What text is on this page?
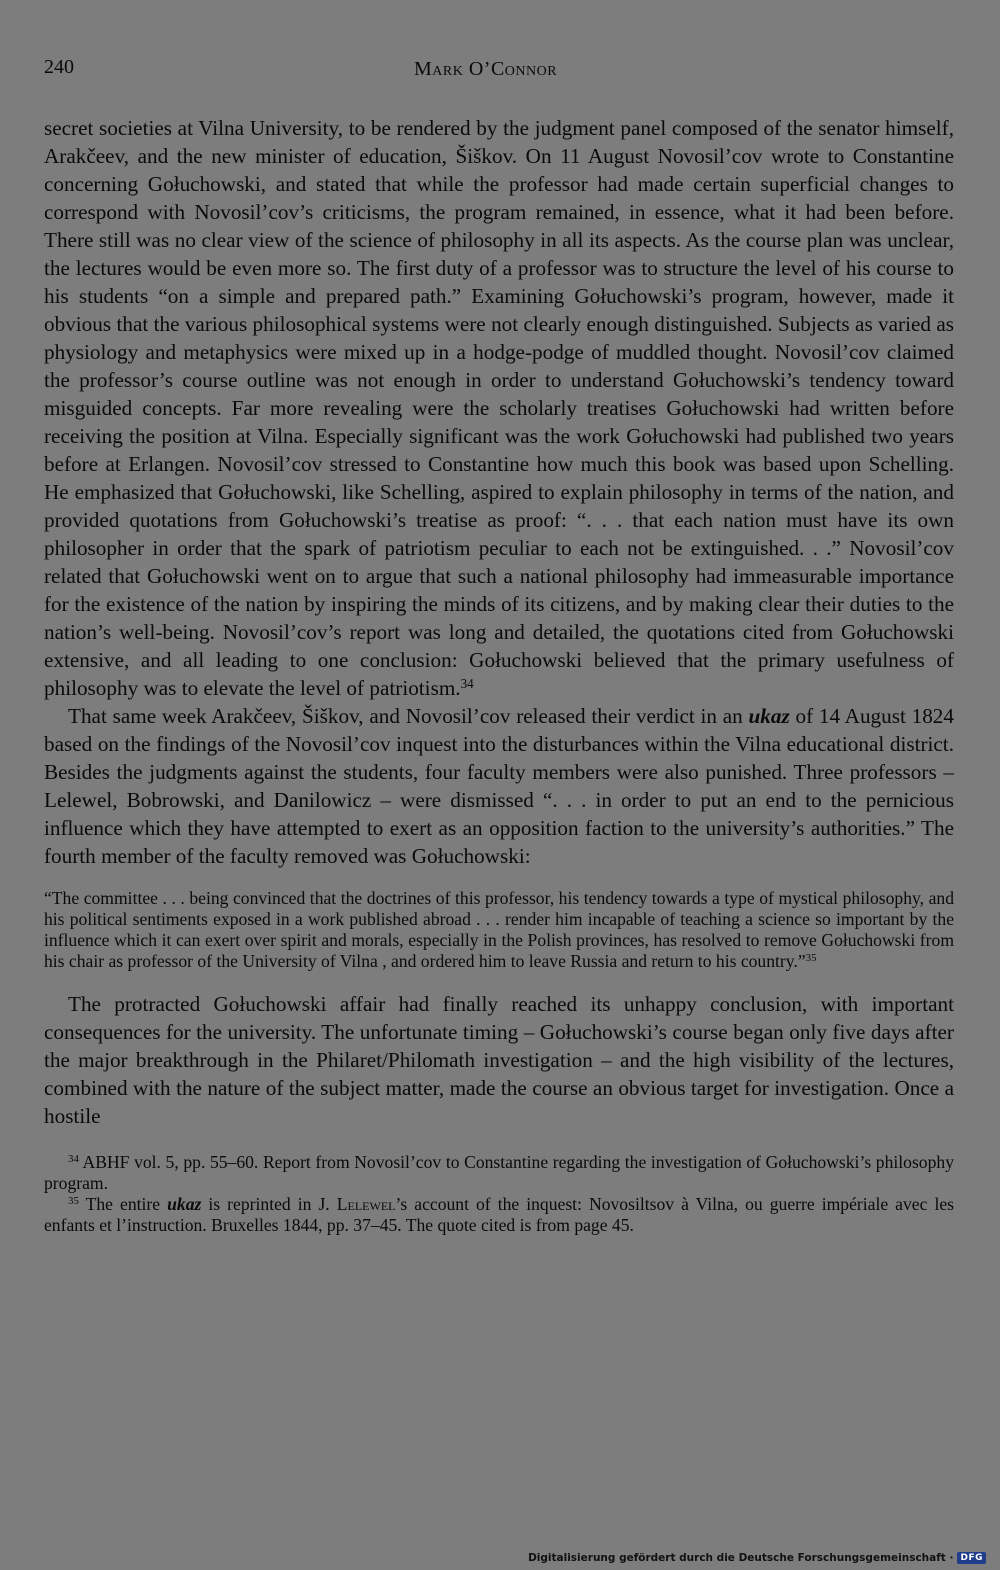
240	Mark O’Connor

secret societies at Vilna University, to be rendered by the judgment panel composed of the senator himself, Arakčeev, and the new minister of education, Šiškov. On 11 August Novosil’cov wrote to Constantine concerning Gołuchowski, and stated that while the professor had made certain superficial changes to correspond with Novosil’cov’s criticisms, the program remained, in essence, what it had been before. There still was no clear view of the science of philosophy in all its aspects. As the course plan was unclear, the lectures would be even more so. The first duty of a professor was to structure the level of his course to his students “on a simple and prepared path.” Examining Gołuchowski’s program, however, made it obvious that the various philosophical systems were not clearly enough distinguished. Subjects as varied as physiology and metaphysics were mixed up in a hodge-podge of muddled thought. Novosil’cov claimed the professor’s course outline was not enough in order to understand Gołuchowski’s tendency toward misguided concepts. Far more revealing were the scholarly treatises Gołuchowski had written before receiving the position at Vilna. Especially significant was the work Gołuchowski had published two years before at Erlangen. Novosil’cov stressed to Constantine how much this book was based upon Schelling. He emphasized that Gołuchowski, like Schelling, aspired to explain philosophy in terms of the nation, and provided quotations from Gołuchowski’s treatise as proof: “. . . that each nation must have its own philosopher in order that the spark of patriotism peculiar to each not be extinguished. . .” Novosil’cov related that Gołuchowski went on to argue that such a national philosophy had immeasurable importance for the existence of the nation by inspiring the minds of its citizens, and by making clear their duties to the nation’s well-being. Novosil’cov’s report was long and detailed, the quotations cited from Gołuchowski extensive, and all leading to one conclusion: Gołuchowski believed that the primary usefulness of philosophy was to elevate the level of patriotism.$^{34}$

That same week Arakčeev, Šiškov, and Novosil’cov released their verdict in an ukaz of 14 August 1824 based on the findings of the Novosil’cov inquest into the disturbances within the Vilna educational district. Besides the judgments against the students, four faculty members were also punished. Three professors – Lelewel, Bobrowski, and Danilowicz – were dismissed “. . . in order to put an end to the pernicious influence which they have attempted to exert as an opposition faction to the university’s authorities.” The fourth member of the faculty removed was Gołuchowski:

“The committee . . . being convinced that the doctrines of this professor, his tendency towards a type of mystical philosophy, and his political sentiments exposed in a work published abroad . . . render him incapable of teaching a science so important by the influence which it can exert over spirit and morals, especially in the Polish provinces, has resolved to remove Gołuchowski from his chair as professor of the University of Vilna , and ordered him to leave Russia and return to his country.”$^{35}$

The protracted Gołuchowski affair had finally reached its unhappy conclusion, with important consequences for the university. The unfortunate timing – Gołuchowski’s course began only five days after the major breakthrough in the Philaret/Philomath investigation – and the high visibility of the lectures, combined with the nature of the subject matter, made the course an obvious target for investigation. Once a hostile

$^{34}$ ABHF vol. 5, pp. 55–60. Report from Novosil’cov to Constantine regarding the investigation of Gołuchowski’s philosophy program.

$^{35}$ The entire ukaz is reprinted in J. Lelewel’s account of the inquest: Novosiltsov à Vilna, ou guerre impériale avec les enfants et l’instruction. Bruxelles 1844, pp. 37–45. The quote cited is from page 45.

Digitalisierung gefördert durch die Deutsche Forschungsgemeinschaft · DFG
